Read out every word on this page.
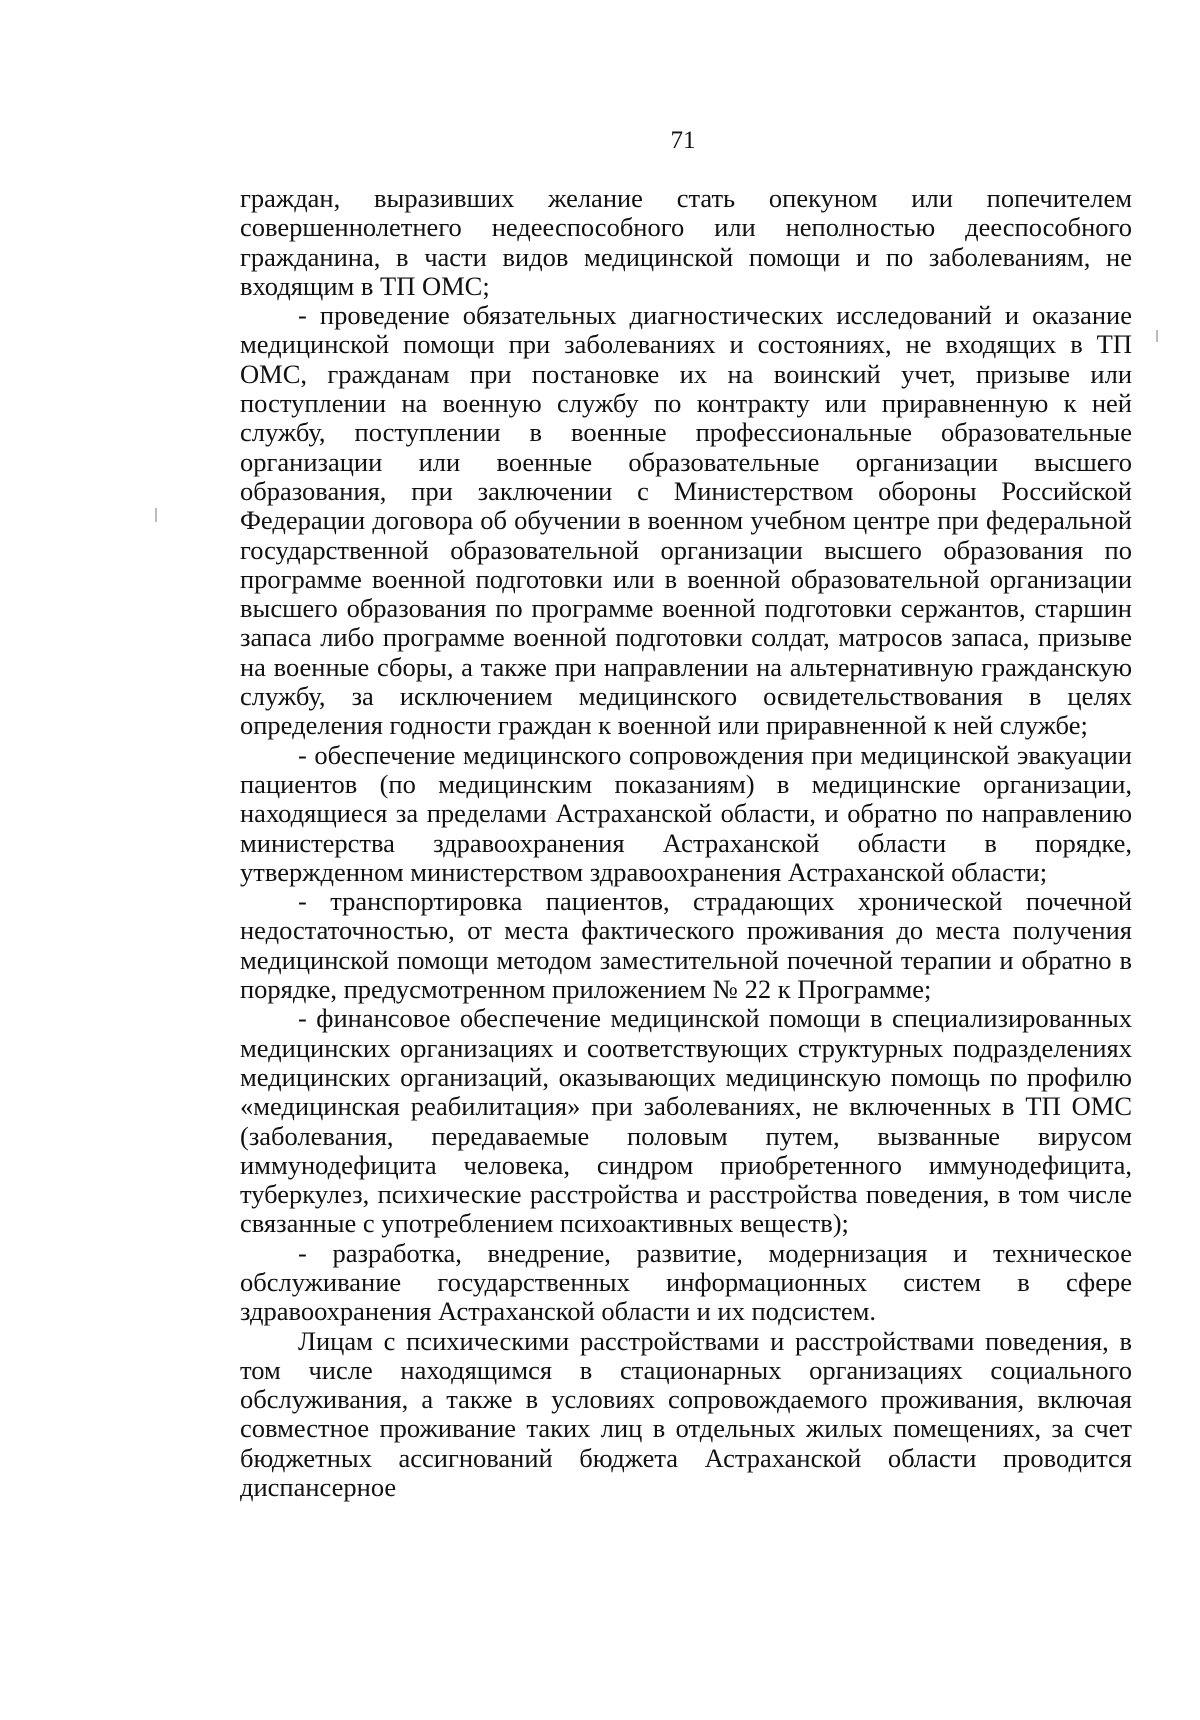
71

граждан, выразивших желание стать опекуном или попечителем совершеннолетнего недееспособного или неполностью дееспособного гражданина, в части видов медицинской помощи и по заболеваниям, не входящим в ТП ОМС;

- проведение обязательных диагностических исследований и оказание медицинской помощи при заболеваниях и состояниях, не входящих в ТП ОМС, гражданам при постановке их на воинский учет, призыве или поступлении на военную службу по контракту или приравненную к ней службу, поступлении в военные профессиональные образовательные организации или военные образовательные организации высшего образования, при заключении с Министерством обороны Российской Федерации договора об обучении в военном учебном центре при федеральной государственной образовательной организации высшего образования по программе военной подготовки или в военной образовательной организации высшего образования по программе военной подготовки сержантов, старшин запаса либо программе военной подготовки солдат, матросов запаса, призыве на военные сборы, а также при направлении на альтернативную гражданскую службу, за исключением медицинского освидетельствования в целях определения годности граждан к военной или приравненной к ней службе;

- обеспечение медицинского сопровождения при медицинской эвакуации пациентов (по медицинским показаниям) в медицинские организации, находящиеся за пределами Астраханской области, и обратно по направлению министерства здравоохранения Астраханской области в порядке, утвержденном министерством здравоохранения Астраханской области;

- транспортировка пациентов, страдающих хронической почечной недостаточностью, от места фактического проживания до места получения медицинской помощи методом заместительной почечной терапии и обратно в порядке, предусмотренном приложением № 22 к Программе;

- финансовое обеспечение медицинской помощи в специализированных медицинских организациях и соответствующих структурных подразделениях медицинских организаций, оказывающих медицинскую помощь по профилю «медицинская реабилитация» при заболеваниях, не включенных в ТП ОМС (заболевания, передаваемые половым путем, вызванные вирусом иммунодефицита человека, синдром приобретенного иммунодефицита, туберкулез, психические расстройства и расстройства поведения, в том числе связанные с употреблением психоактивных веществ);

- разработка, внедрение, развитие, модернизация и техническое обслуживание государственных информационных систем в сфере здравоохранения Астраханской области и их подсистем.

Лицам с психическими расстройствами и расстройствами поведения, в том числе находящимся в стационарных организациях социального обслуживания, а также в условиях сопровождаемого проживания, включая совместное проживание таких лиц в отдельных жилых помещениях, за счет бюджетных ассигнований бюджета Астраханской области проводится диспансерное
